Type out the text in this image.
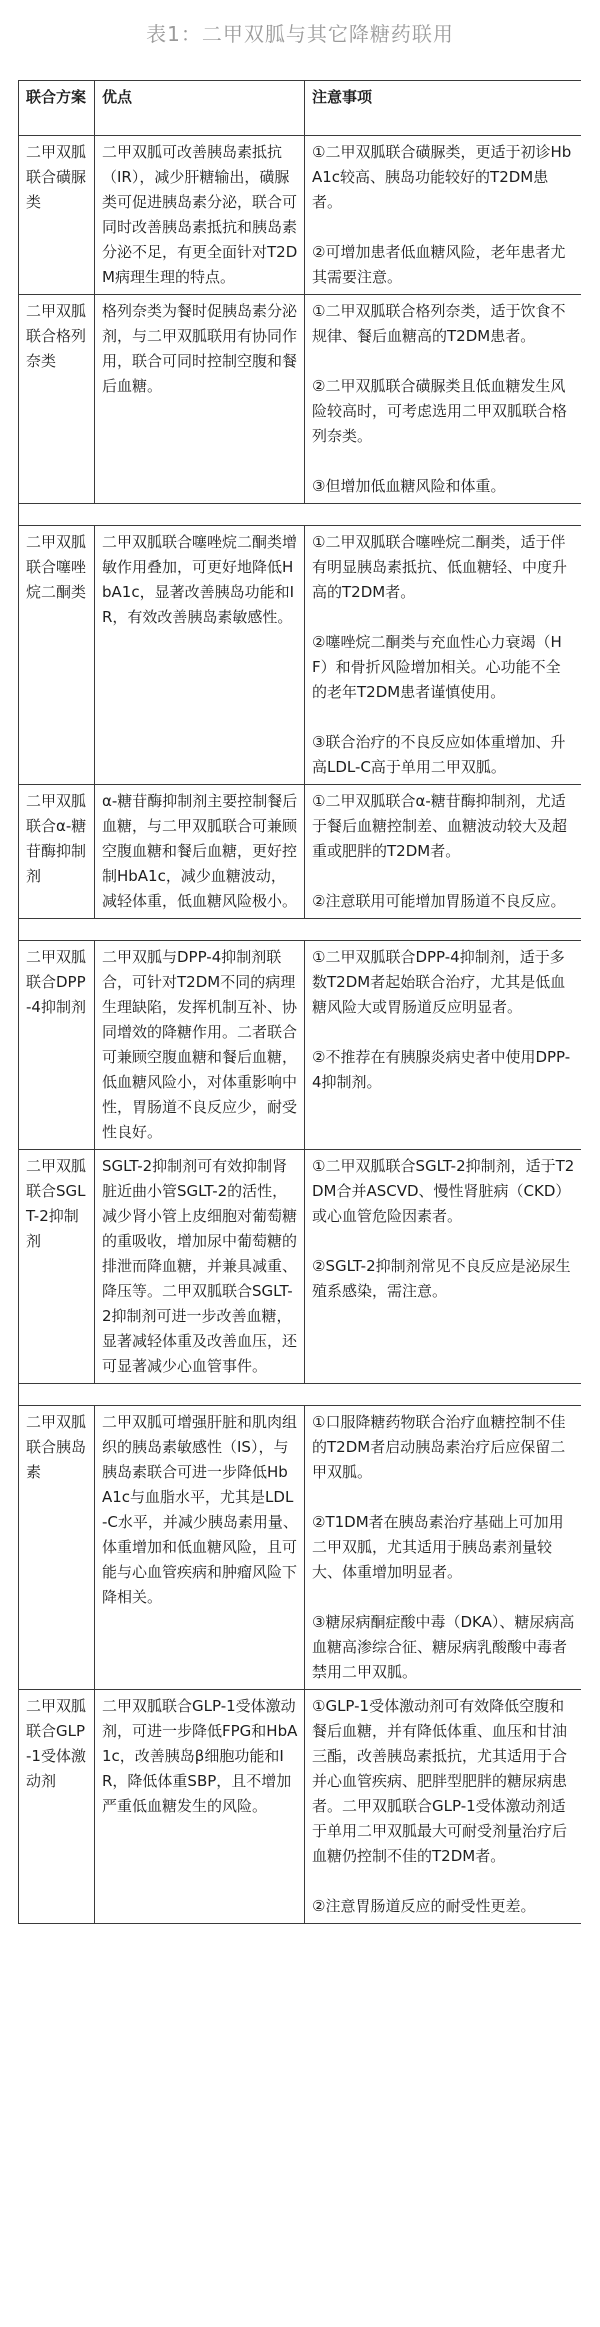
表1：二甲双胍与其它降糖药联用
联合方案	优点	注意事项
二甲双胍联合磺脲类	二甲双胍可改善胰岛素抵抗（IR），减少肝糖输出，磺脲类可促进胰岛素分泌，联合可同时改善胰岛素抵抗和胰岛素分泌不足，有更全面针对T2DM病理生理的特点。	①二甲双胍联合磺脲类，更适于初诊HbA1c较高、胰岛功能较好的T2DM患者。

②可增加患者低血糖风险，老年患者尤其需要注意。

二甲双胍联合格列奈类	格列奈类为餐时促胰岛素分泌剂，与二甲双胍联用有协同作用，联合可同时控制空腹和餐后血糖。	①二甲双胍联合格列奈类，适于饮食不规律、餐后血糖高的T2DM患者。

②二甲双胍联合磺脲类且低血糖发生风险较高时，可考虑选用二甲双胍联合格列奈类。

③但增加低血糖风险和体重。

二甲双胍联合噻唑烷二酮类	二甲双胍联合噻唑烷二酮类增敏作用叠加，可更好地降低HbA1c，显著改善胰岛功能和IR，有效改善胰岛素敏感性。	①二甲双胍联合噻唑烷二酮类，适于伴有明显胰岛素抵抗、低血糖轻、中度升高的T2DM者。

②噻唑烷二酮类与充血性心力衰竭（HF）和骨折风险增加相关。心功能不全的老年T2DM患者谨慎使用。

③联合治疗的不良反应如体重增加、升高LDL-C高于单用二甲双胍。

二甲双胍联合α-糖苷酶抑制剂	α-糖苷酶抑制剂主要控制餐后血糖，与二甲双胍联合可兼顾空腹血糖和餐后血糖，更好控制HbA1c，减少血糖波动，减轻体重，低血糖风险极小。	①二甲双胍联合α-糖苷酶抑制剂，尤适于餐后血糖控制差、血糖波动较大及超重或肥胖的T2DM者。

②注意联用可能增加胃肠道不良反应。

二甲双胍联合DPP-4抑制剂	二甲双胍与DPP-4抑制剂联合，可针对T2DM不同的病理生理缺陷，发挥机制互补、协同增效的降糖作用。二者联合可兼顾空腹血糖和餐后血糖，低血糖风险小，对体重影响中性，胃肠道不良反应少，耐受性良好。	①二甲双胍联合DPP-4抑制剂，适于多数T2DM者起始联合治疗，尤其是低血糖风险大或胃肠道反应明显者。

②不推荐在有胰腺炎病史者中使用DPP-4抑制剂。

二甲双胍联合SGLT-2抑制剂	SGLT-2抑制剂可有效抑制肾脏近曲小管SGLT-2的活性，减少肾小管上皮细胞对葡萄糖的重吸收，增加尿中葡萄糖的排泄而降血糖，并兼具减重、降压等。二甲双胍联合SGLT-2抑制剂可进一步改善血糖，显著减轻体重及改善血压，还可显著减少心血管事件。	①二甲双胍联合SGLT-2抑制剂，适于T2DM合并ASCVD、慢性肾脏病（CKD）或心血管危险因素者。

②SGLT-2抑制剂常见不良反应是泌尿生殖系感染，需注意。

二甲双胍联合胰岛素	二甲双胍可增强肝脏和肌肉组织的胰岛素敏感性（IS），与胰岛素联合可进一步降低HbA1c与血脂水平，尤其是LDL-C水平，并减少胰岛素用量、体重增加和低血糖风险，且可能与心血管疾病和肿瘤风险下降相关。	①口服降糖药物联合治疗血糖控制不佳的T2DM者启动胰岛素治疗后应保留二甲双胍。

②T1DM者在胰岛素治疗基础上可加用二甲双胍，尤其适用于胰岛素剂量较大、体重增加明显者。

③糖尿病酮症酸中毒（DKA）、糖尿病高血糖高渗综合征、糖尿病乳酸酸中毒者禁用二甲双胍。

二甲双胍联合GLP-1受体激动剂	二甲双胍联合GLP-1受体激动剂，可进一步降低FPG和HbA1c，改善胰岛β细胞功能和IR，降低体重SBP，且不增加严重低血糖发生的风险。	①GLP-1受体激动剂可有效降低空腹和餐后血糖，并有降低体重、血压和甘油三酯，改善胰岛素抵抗，尤其适用于合并心血管疾病、肥胖型肥胖的糖尿病患者。二甲双胍联合GLP-1受体激动剂适于单用二甲双胍最大可耐受剂量治疗后血糖仍控制不佳的T2DM者。

②注意胃肠道反应的耐受性更差。
